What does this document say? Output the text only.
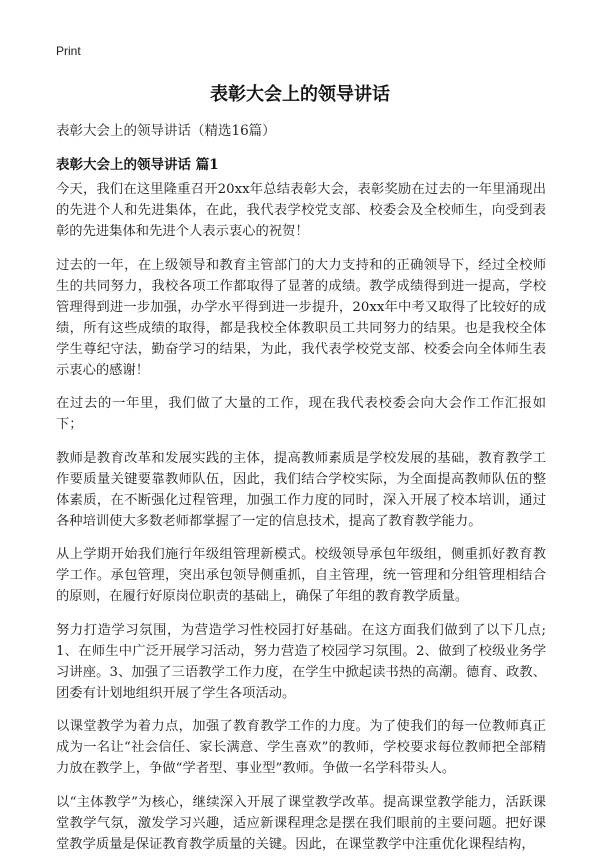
Print
表彰大会上的领导讲话
表彰大会上的领导讲话（精选16篇）
表彰大会上的领导讲话 篇1

今天，我们在这里隆重召开20xx年总结表彰大会，表彰奖励在过去的一年里涌现出的先进个人和先进集体，在此，我代表学校党支部、校委会及全校师生，向受到表彰的先进集体和先进个人表示衷心的祝贺！

过去的一年，在上级领导和教育主管部门的大力支持和的正确领导下，经过全校师生的共同努力，我校各项工作都取得了显著的成绩。教学成绩得到进一提高，学校管理得到进一步加强，办学水平得到进一步提升，20xx年中考又取得了比较好的成绩，所有这些成绩的取得，都是我校全体教职员工共同努力的结果。也是我校全体学生尊纪守法，勤奋学习的结果，为此，我代表学校党支部、校委会向全体师生表示衷心的感谢！

在过去的一年里，我们做了大量的工作，现在我代表校委会向大会作工作汇报如下；

教师是教育改革和发展实践的主体，提高教师素质是学校发展的基础，教育教学工作要质量关键要靠教师队伍，因此，我们结合学校实际，为全面提高教师队伍的整体素质，在不断强化过程管理，加强工作力度的同时，深入开展了校本培训，通过各种培训使大多数老师都掌握了一定的信息技术，提高了教育教学能力。

从上学期开始我们施行年级组管理新模式。校级领导承包年级组，侧重抓好教育教学工作。承包管理，突出承包领导侧重抓，自主管理，统一管理和分组管理相结合的原则，在履行好原岗位职责的基础上，确保了年组的教育教学质量。

努力打造学习氛围，为营造学习性校园打好基础。在这方面我们做到了以下几点;1、在师生中广泛开展学习活动，努力营造了校园学习氛围。2、做到了校级业务学习讲座。3、加强了三语教学工作力度，在学生中掀起读书热的高潮。德育、政教、团委有计划地组织开展了学生各项活动。

以课堂教学为着力点，加强了教育教学工作的力度。为了使我们的每一位教师真正成为一名让“社会信任、家长满意、学生喜欢”的教师，学校要求每位教师把全部精力放在教学上，争做“学者型、事业型”教师。争做一名学科带头人。

以“主体教学”为核心，继续深入开展了课堂教学改革。提高课堂教学能力，活跃课堂教学气氛，激发学习兴趣，适应新课程理念是摆在我们眼前的主要问题。把好课堂教学质量是保证教育教学质量的关键。因此，在课堂教学中注重优化课程结构，
